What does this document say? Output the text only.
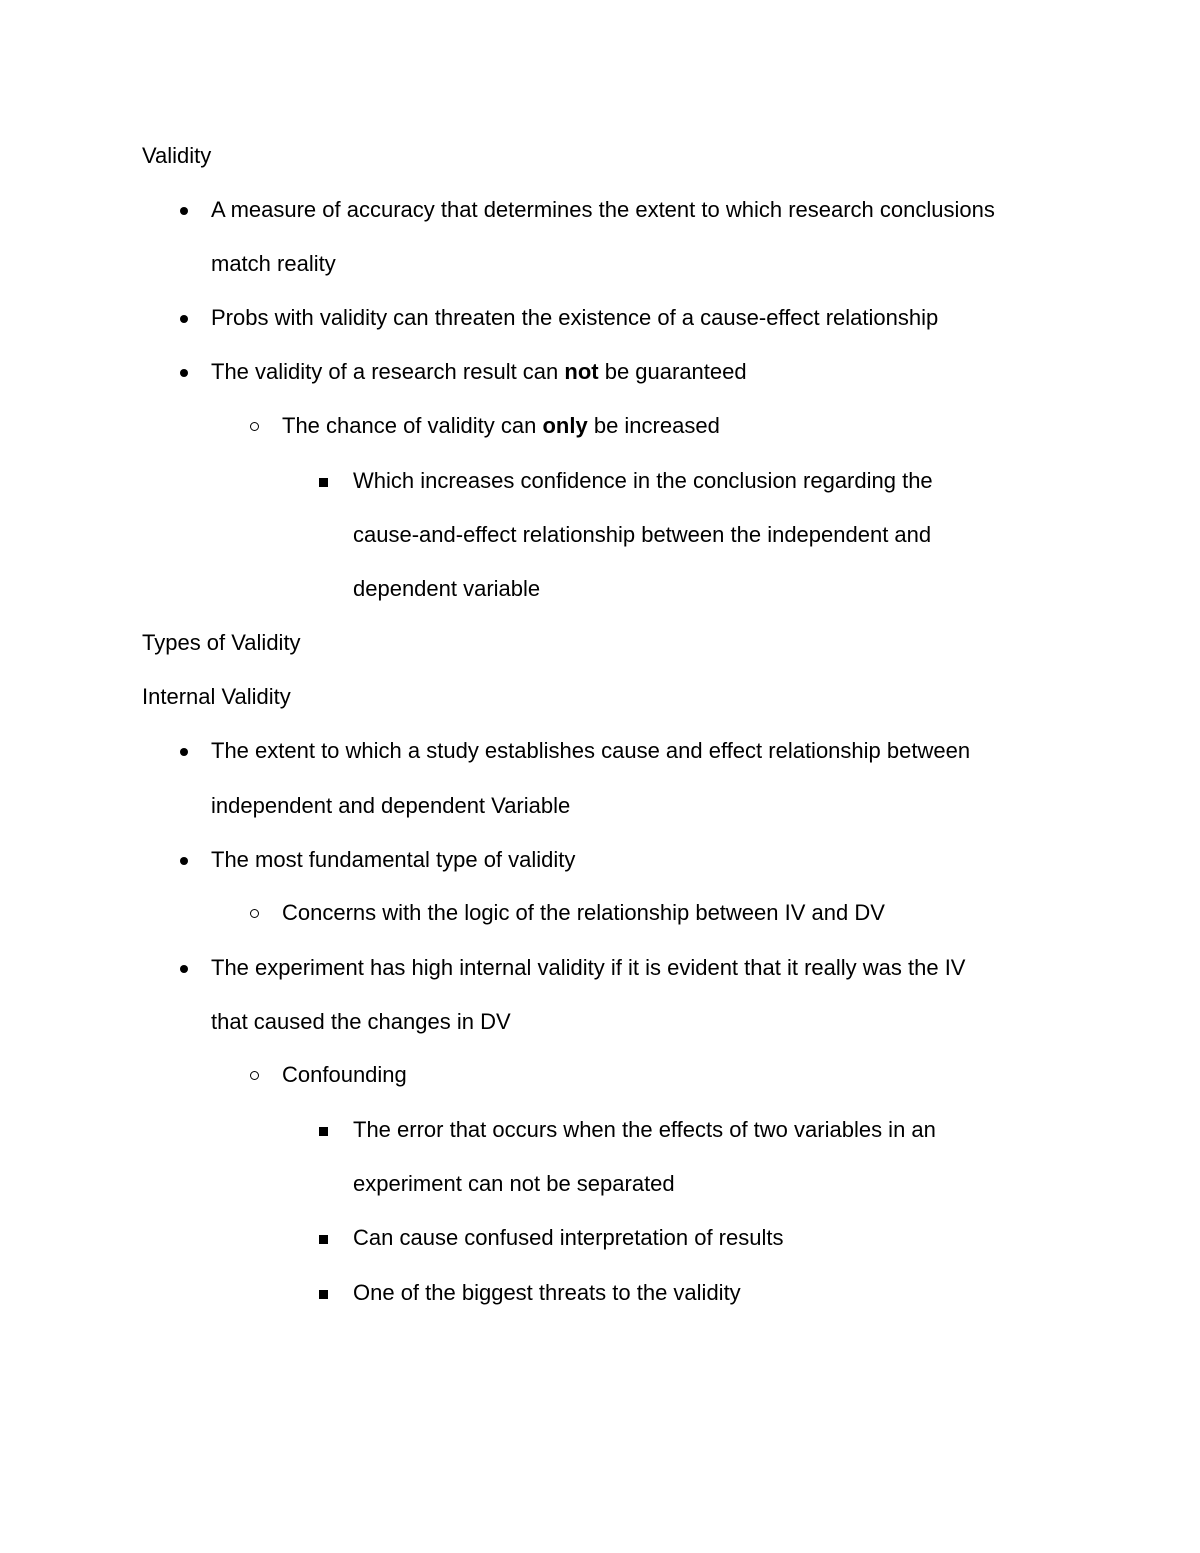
Validity
A measure of accuracy that determines the extent to which research conclusions
match reality
Probs with validity can threaten the existence of a cause-effect relationship
The validity of a research result can not be guaranteed
The chance of validity can only be increased
Which increases confidence in the conclusion regarding the
cause-and-effect relationship between the independent and
dependent variable
Types of Validity
Internal Validity
The extent to which a study establishes cause and effect relationship between
independent and dependent Variable
The most fundamental type of validity
Concerns with the logic of the relationship between IV and DV
The experiment has high internal validity if it is evident that it really was the IV
that caused the changes in DV
Confounding
The error that occurs when the effects of two variables in an
experiment can not be separated
Can cause confused interpretation of results
One of the biggest threats to the validity
